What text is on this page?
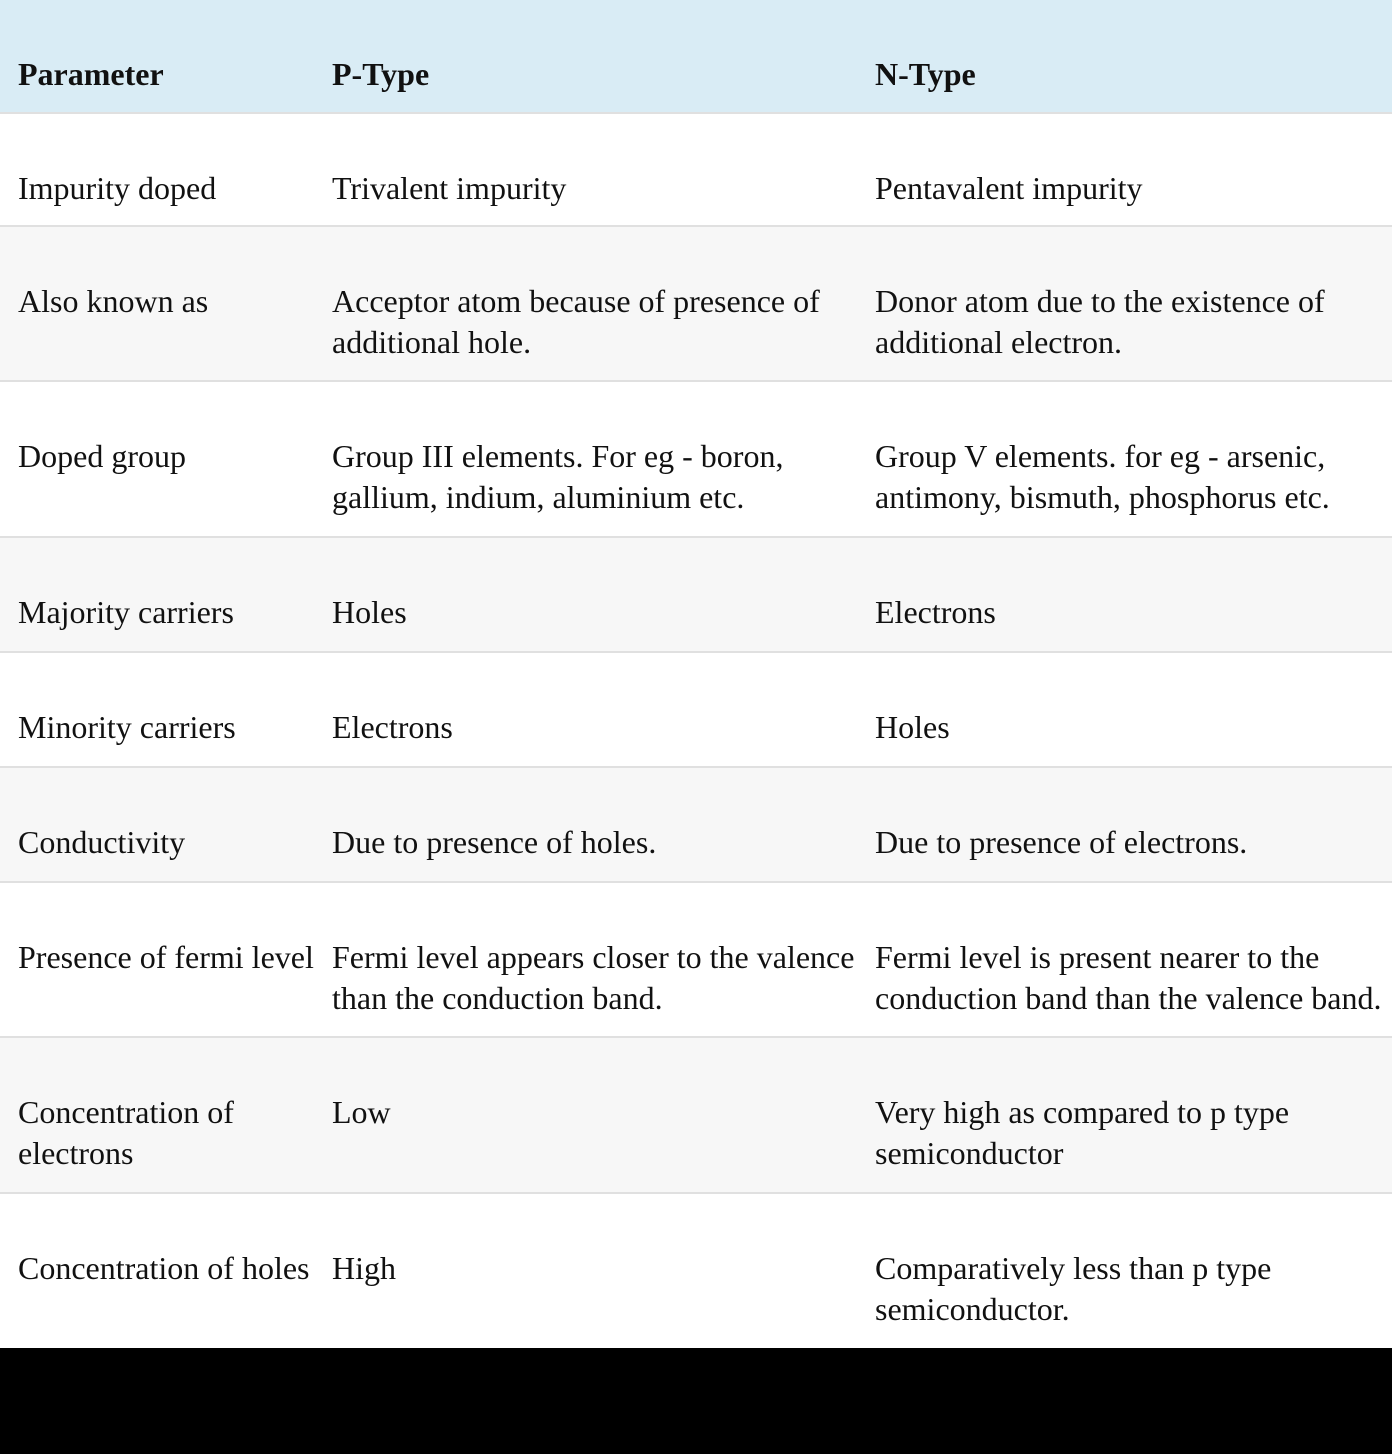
Parameter	P-Type	N-Type
Impurity doped	Trivalent impurity	Pentavalent impurity
Also known as	Acceptor atom because of presence of additional hole.	Donor atom due to the existence of additional electron.
Doped group	Group III elements. For eg - boron, gallium, indium, aluminium etc.	Group V elements. for eg - arsenic, antimony, bismuth, phosphorus etc.
Majority carriers	Holes	Electrons
Minority carriers	Electrons	Holes
Conductivity	Due to presence of holes.	Due to presence of electrons.
Presence of fermi level	Fermi level appears closer to the valence than the conduction band.	Fermi level is present nearer to the conduction band than the valence band.
Concentration of electrons	Low	Very high as compared to p type semiconductor
Concentration of holes	High	Comparatively less than p type semiconductor.
